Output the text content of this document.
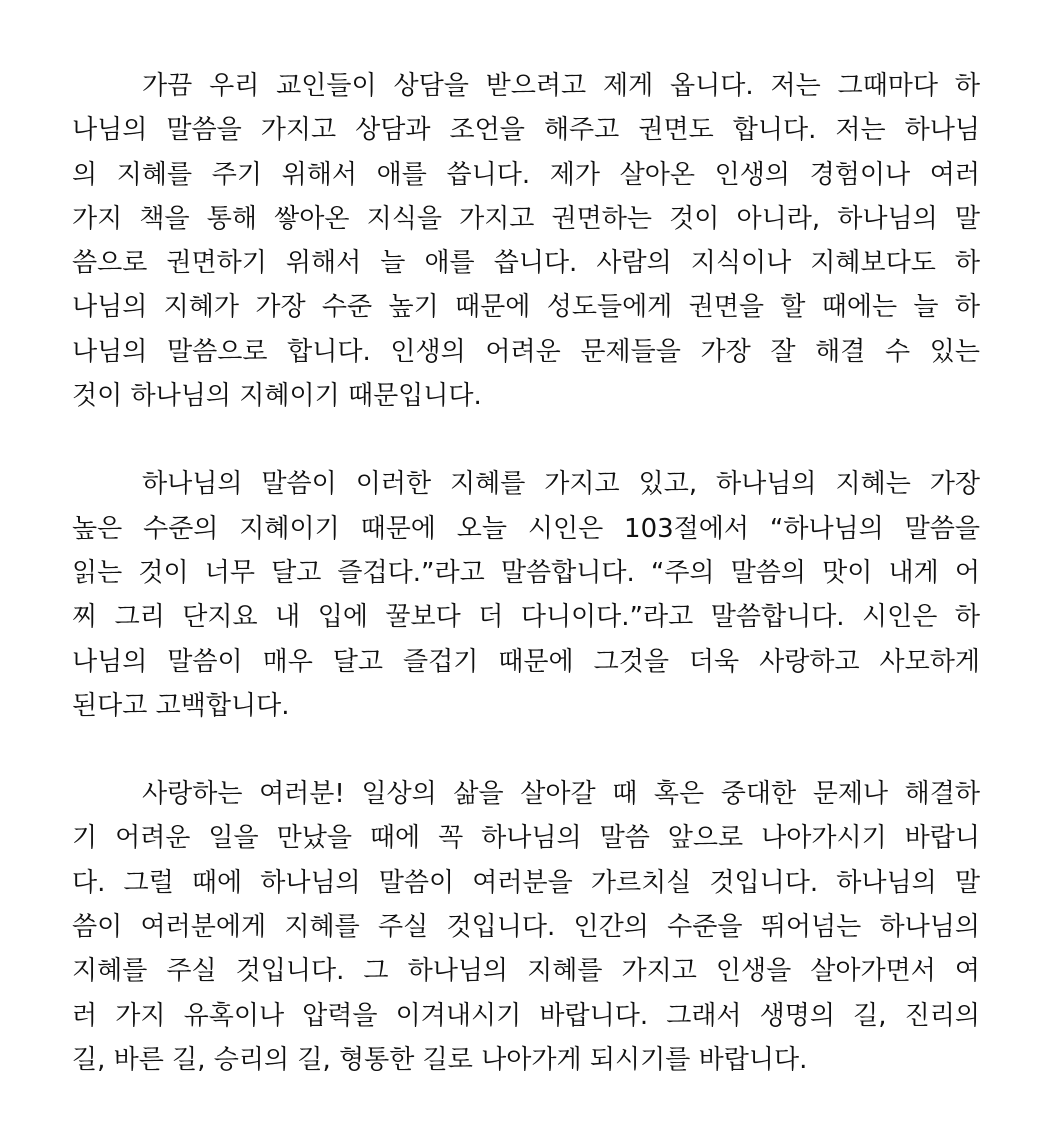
가끔 우리 교인들이 상담을 받으려고 제게 옵니다. 저는 그때마다 하
나님의 말씀을 가지고 상담과 조언을 해주고 권면도 합니다. 저는 하나님
의 지혜를 주기 위해서 애를 씁니다. 제가 살아온 인생의 경험이나 여러
가지 책을 통해 쌓아온 지식을 가지고 권면하는 것이 아니라, 하나님의 말
씀으로 권면하기 위해서 늘 애를 씁니다. 사람의 지식이나 지혜보다도 하
나님의 지혜가 가장 수준 높기 때문에 성도들에게 권면을 할 때에는 늘 하
나님의 말씀으로 합니다. 인생의 어려운 문제들을 가장 잘 해결 수 있는
것이 하나님의 지혜이기 때문입니다.
하나님의 말씀이 이러한 지혜를 가지고 있고, 하나님의 지혜는 가장
높은 수준의 지혜이기 때문에 오늘 시인은 103절에서 “하나님의 말씀을
읽는 것이 너무 달고 즐겁다.”라고 말씀합니다. “주의 말씀의 맛이 내게 어
찌 그리 단지요 내 입에 꿀보다 더 다니이다.”라고 말씀합니다. 시인은 하
나님의 말씀이 매우 달고 즐겁기 때문에 그것을 더욱 사랑하고 사모하게
된다고 고백합니다.
사랑하는 여러분! 일상의 삶을 살아갈 때 혹은 중대한 문제나 해결하
기 어려운 일을 만났을 때에 꼭 하나님의 말씀 앞으로 나아가시기 바랍니
다. 그럴 때에 하나님의 말씀이 여러분을 가르치실 것입니다. 하나님의 말
씀이 여러분에게 지혜를 주실 것입니다. 인간의 수준을 뛰어넘는 하나님의
지혜를 주실 것입니다. 그 하나님의 지혜를 가지고 인생을 살아가면서 여
러 가지 유혹이나 압력을 이겨내시기 바랍니다. 그래서 생명의 길, 진리의
길, 바른 길, 승리의 길, 형통한 길로 나아가게 되시기를 바랍니다.
